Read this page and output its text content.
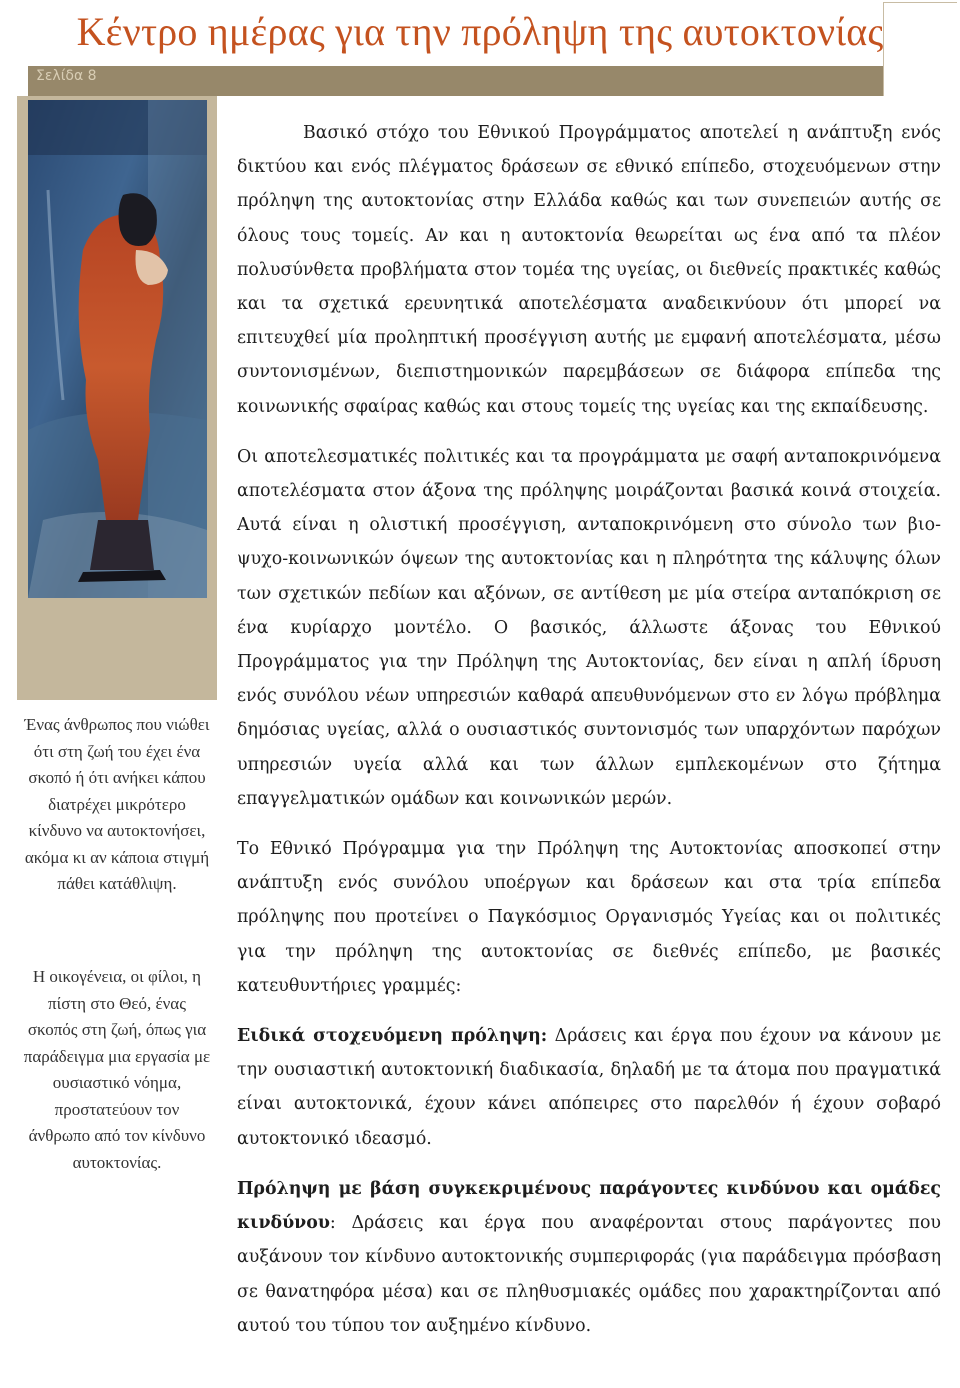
Κέντρο ημέρας για την πρόληψη της αυτοκτονίας
Σελίδα 8

Ένας άνθρωπος που νιώθει ότι στη ζωή του έχει ένα σκοπό ή ότι ανήκει κάπου διατρέχει μικρότερο κίνδυνο να αυτοκτονήσει, ακόμα κι αν κάποια στιγμή πάθει κατάθλιψη.

Η οικογένεια, οι φίλοι, η πίστη στο Θεό, ένας σκοπός στη ζωή, όπως για παράδειγμα μια εργασία με ουσιαστικό νόημα, προστατεύουν τον άνθρωπο από τον κίνδυνο αυτοκτονίας.

Βασικό στόχο του Εθνικού Προγράμματος αποτελεί η ανάπτυξη ενός δικτύου και ενός πλέγματος δράσεων σε εθνικό επίπεδο, στοχευόμενων στην πρόληψη της αυτοκτονίας στην Ελλάδα καθώς και των συνεπειών αυτής σε όλους τους τομείς. Αν και η αυτοκτονία θεωρείται ως ένα από τα πλέον πολυσύνθετα προβλήματα στον τομέα της υγείας, οι διεθνείς πρακτικές καθώς και τα σχετικά ερευνητικά αποτελέσματα αναδεικνύουν ότι μπορεί να επιτευχθεί μία προληπτική προσέγγιση αυτής με εμφανή αποτελέσματα, μέσω συντονισμένων, διεπιστημονικών παρεμβάσεων σε διάφορα επίπεδα της κοινωνικής σφαίρας καθώς και στους τομείς της υγείας και της εκπαίδευσης.

Οι αποτελεσματικές πολιτικές και τα προγράμματα με σαφή ανταποκρινόμενα αποτελέσματα στον άξονα της πρόληψης μοιράζονται βασικά κοινά στοιχεία. Αυτά είναι η ολιστική προσέγγιση, ανταποκρινόμενη στο σύνολο των βιο-ψυχο-κοινωνικών όψεων της αυτοκτονίας και η πληρότητα της κάλυψης όλων των σχετικών πεδίων και αξόνων, σε αντίθεση με μία στείρα ανταπόκριση σε ένα κυρίαρχο μοντέλο. Ο βασικός, άλλωστε άξονας του Εθνικού Προγράμματος για την Πρόληψη της Αυτοκτονίας, δεν είναι η απλή ίδρυση ενός συνόλου νέων υπηρεσιών καθαρά απευθυνόμενων στο εν λόγω πρόβλημα δημόσιας υγείας, αλλά ο ουσιαστικός συντονισμός των υπαρχόντων παρόχων υπηρεσιών υγεία αλλά και των άλλων εμπλεκομένων στο ζήτημα επαγγελματικών ομάδων και κοινωνικών μερών.

Το Εθνικό Πρόγραμμα για την Πρόληψη της Αυτοκτονίας αποσκοπεί στην ανάπτυξη ενός συνόλου υποέργων και δράσεων και στα τρία επίπεδα πρόληψης που προτείνει ο Παγκόσμιος Οργανισμός Υγείας και οι πολιτικές για την πρόληψη της αυτοκτονίας σε διεθνές επίπεδο, με βασικές κατευθυντήριες γραμμές:

Ειδικά στοχευόμενη πρόληψη: Δράσεις και έργα που έχουν να κάνουν με την ουσιαστική αυτοκτονική διαδικασία, δηλαδή με τα άτομα που πραγματικά είναι αυτοκτονικά, έχουν κάνει απόπειρες στο παρελθόν ή έχουν σοβαρό αυτοκτονικό ιδεασμό.

Πρόληψη με βάση συγκεκριμένους παράγοντες κινδύνου και ομάδες κινδύνου: Δράσεις και έργα που αναφέρονται στους παράγοντες που αυξάνουν τον κίνδυνο αυτοκτονικής συμπεριφοράς (για παράδειγμα πρόσβαση σε θανατηφόρα μέσα) και σε πληθυσμιακές ομάδες που χαρακτηρίζονται από αυτού του τύπου τον αυξημένο κίνδυνο.
